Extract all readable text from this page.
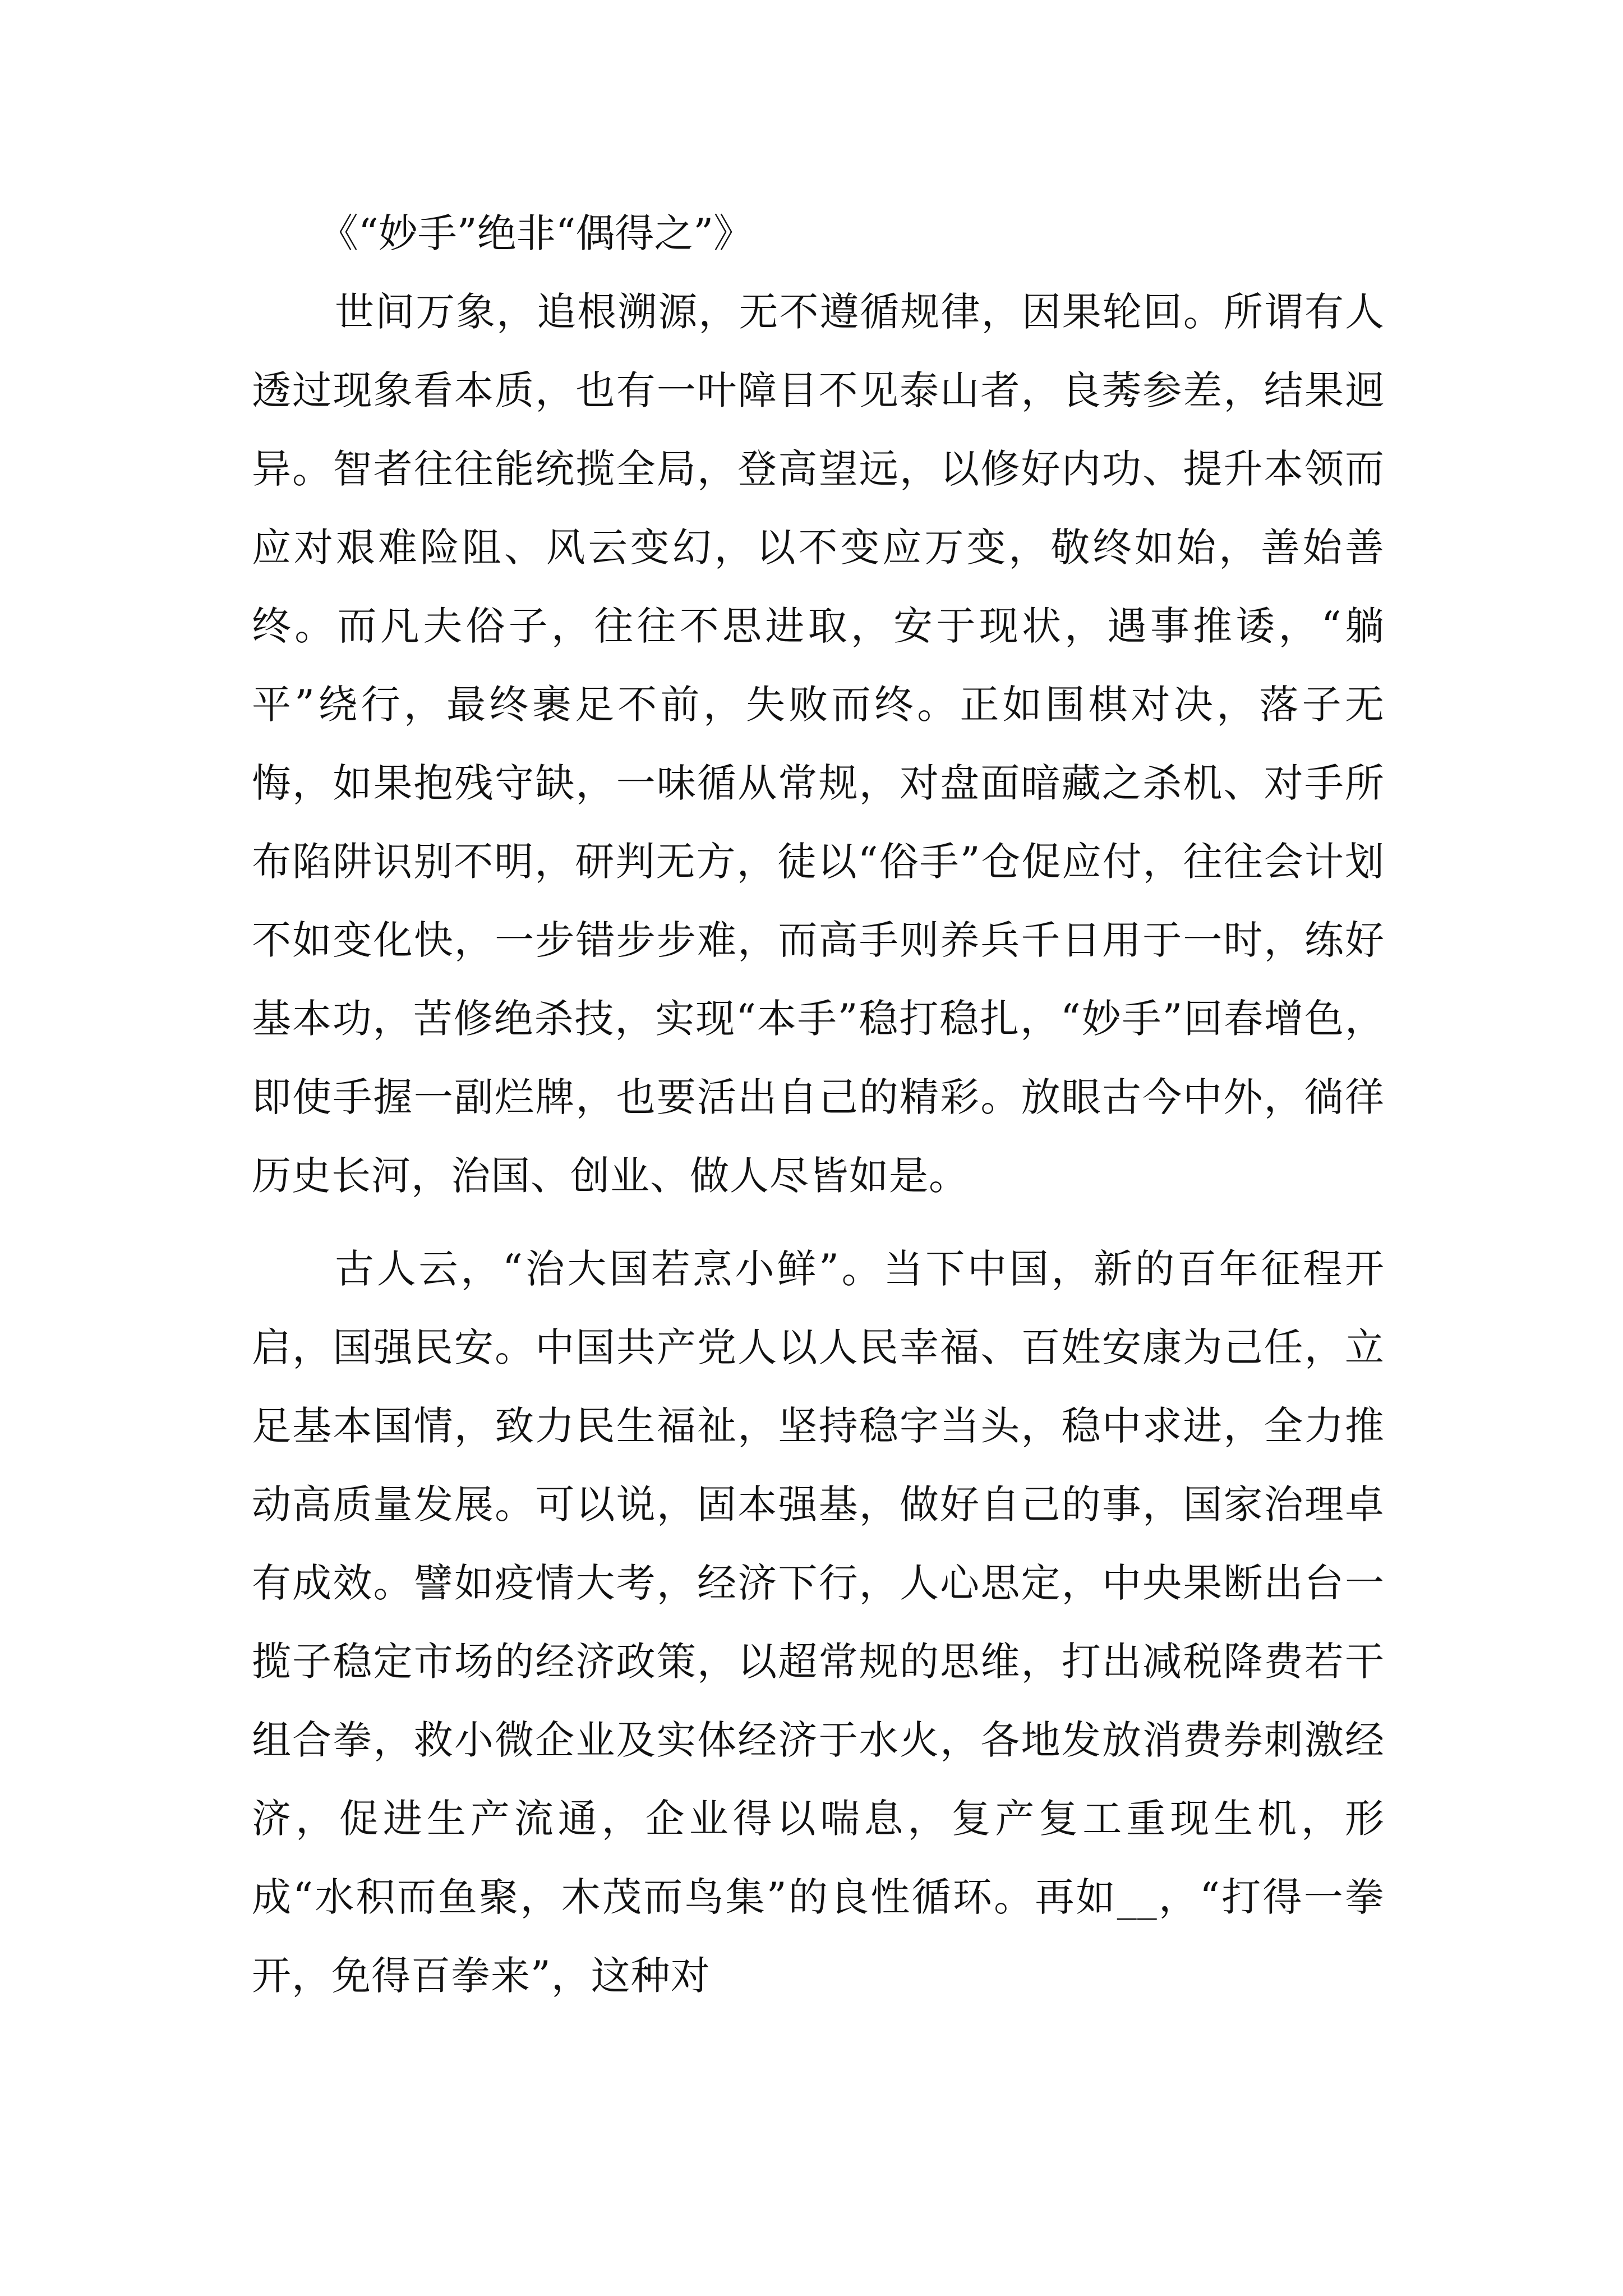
《“妙手”绝非“偶得之”》

世间万象，追根溯源，无不遵循规律，因果轮回。所谓有人透过现象看本质，也有一叶障目不见泰山者，良莠参差，结果迥异。智者往往能统揽全局，登高望远，以修好内功、提升本领而应对艰难险阻、风云变幻，以不变应万变，敬终如始，善始善终。而凡夫俗子，往往不思进取，安于现状，遇事推诿，“躺平”绕行，最终裹足不前，失败而终。正如围棋对决，落子无悔，如果抱残守缺，一味循从常规，对盘面暗藏之杀机、对手所布陷阱识别不明，研判无方，徒以“俗手”仓促应付，往往会计划不如变化快，一步错步步难，而高手则养兵千日用于一时，练好基本功，苦修绝杀技，实现“本手”稳打稳扎，“妙手”回春增色，即使手握一副烂牌，也要活出自己的精彩。放眼古今中外，徜徉历史长河，治国、创业、做人尽皆如是。

古人云，“治大国若烹小鲜”。当下中国，新的百年征程开启，国强民安。中国共产党人以人民幸福、百姓安康为己任，立足基本国情，致力民生福祉，坚持稳字当头，稳中求进，全力推动高质量发展。可以说，固本强基，做好自己的事，国家治理卓有成效。譬如疫情大考，经济下行，人心思定，中央果断出台一揽子稳定市场的经济政策，以超常规的思维，打出减税降费若干组合拳，救小微企业及实体经济于水火，各地发放消费券刺激经济，促进生产流通，企业得以喘息，复产复工重现生机，形成“水积而鱼聚，木茂而鸟集”的良性循环。再如__，“打得一拳开，免得百拳来”，这种对
